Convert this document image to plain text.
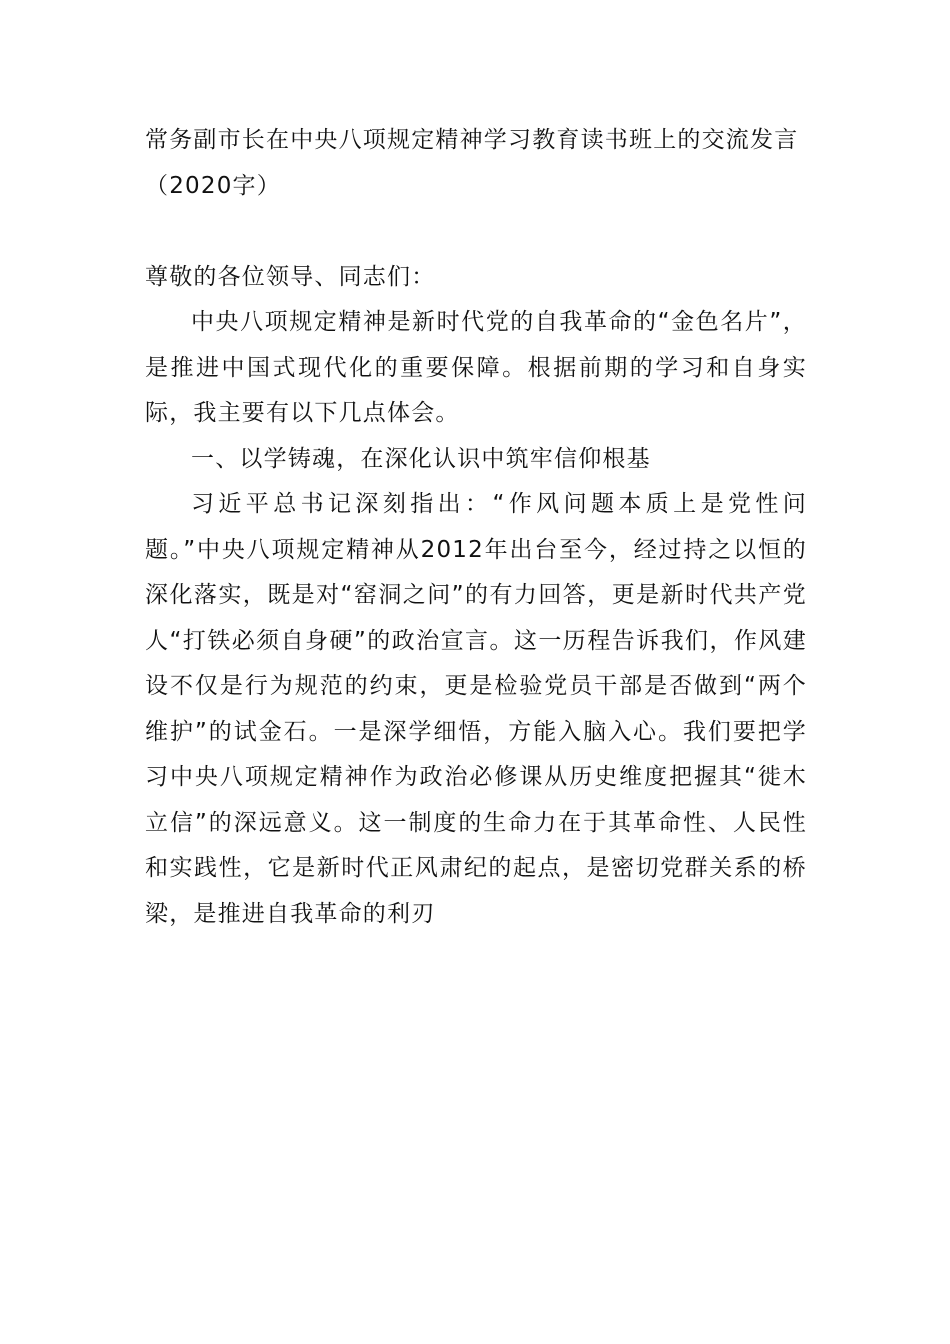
常务副市长在中央八项规定精神学习教育读书班上的交流发言（2020字）

尊敬的各位领导、同志们：

中央八项规定精神是新时代党的自我革命的“金色名片”，是推进中国式现代化的重要保障。根据前期的学习和自身实际，我主要有以下几点体会。

一、以学铸魂，在深化认识中筑牢信仰根基

习近平总书记深刻指出：“作风问题本质上是党性问题。”中央八项规定精神从2012年出台至今，经过持之以恒的深化落实，既是对“窑洞之问”的有力回答，更是新时代共产党人“打铁必须自身硬”的政治宣言。这一历程告诉我们，作风建设不仅是行为规范的约束，更是检验党员干部是否做到“两个维护”的试金石。一是深学细悟，方能入脑入心。我们要把学习中央八项规定精神作为政治必修课从历史维度把握其“徙木立信”的深远意义。这一制度的生命力在于其革命性、人民性和实践性，它是新时代正风肃纪的起点，是密切党群关系的桥梁，是推进自我革命的利刃
